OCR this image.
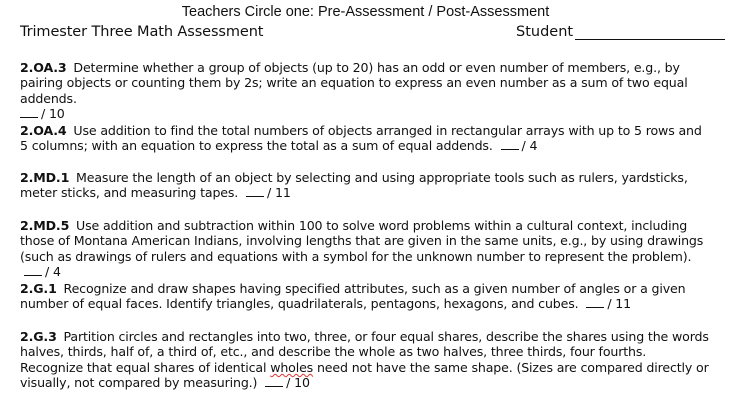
Teachers Circle one: Pre-Assessment / Post-Assessment
Trimester Three Math Assessment	Student
2.OA.3 Determine whether a group of objects (up to 20) has an odd or even number of members, e.g., by pairing objects or counting them by 2s; write an equation to express an even number as a sum of two equal addends.
/ 10
2.OA.4 Use addition to find the total numbers of objects arranged in rectangular arrays with up to 5 rows and 5 columns; with an equation to express the total as a sum of equal addends. / 4
2.MD.1 Measure the length of an object by selecting and using appropriate tools such as rulers, yardsticks, meter sticks, and measuring tapes. / 11
2.MD.5 Use addition and subtraction within 100 to solve word problems within a cultural context, including those of Montana American Indians, involving lengths that are given in the same units, e.g., by using drawings (such as drawings of rulers and equations with a symbol for the unknown number to represent the problem). / 4
2.G.1 Recognize and draw shapes having specified attributes, such as a given number of angles or a given number of equal faces. Identify triangles, quadrilaterals, pentagons, hexagons, and cubes. / 11
2.G.3 Partition circles and rectangles into two, three, or four equal shares, describe the shares using the words halves, thirds, half of, a third of, etc., and describe the whole as two halves, three thirds, four fourths. Recognize that equal shares of identical wholes need not have the same shape. (Sizes are compared directly or visually, not compared by measuring.) / 10
